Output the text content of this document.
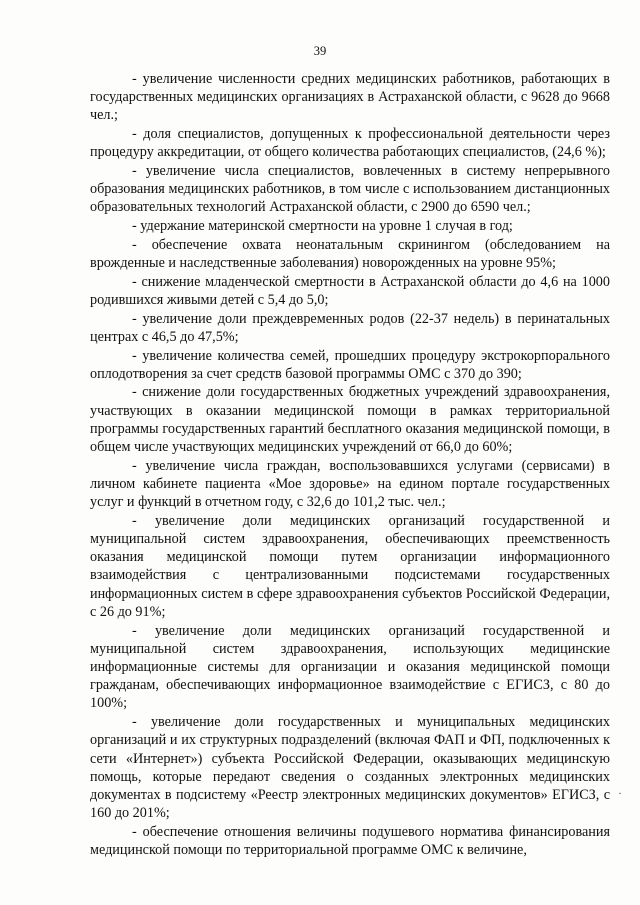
39

- увеличение численности средних медицинских работников, работающих в государственных медицинских организациях в Астраханской области, с 9628 до 9668 чел.;

- доля специалистов, допущенных к профессиональной деятельности через процедуру аккредитации, от общего количества работающих специалистов, (24,6 %);

- увеличение числа специалистов, вовлеченных в систему непрерывного образования медицинских работников, в том числе с использованием дистанционных образовательных технологий Астраханской области, с 2900 до 6590 чел.;

- удержание материнской смертности на уровне 1 случая в год;

- обеспечение охвата неонатальным скринингом (обследованием на врожденные и наследственные заболевания) новорожденных на уровне 95%;

- снижение младенческой смертности в Астраханской области до 4,6 на 1000 родившихся живыми детей с 5,4 до 5,0;

- увеличение доли преждевременных родов (22-37 недель) в перинатальных центрах с 46,5 до 47,5%;

- увеличение количества семей, прошедших процедуру экстрокорпорального оплодотворения за счет средств базовой программы ОМС с 370 до 390;

- снижение доли государственных бюджетных учреждений здравоохранения, участвующих в оказании медицинской помощи в рамках территориальной программы государственных гарантий бесплатного оказания медицинской помощи, в общем числе участвующих медицинских учреждений от 66,0 до 60%;

- увеличение числа граждан, воспользовавшихся услугами (сервисами) в личном кабинете пациента «Мое здоровье» на едином портале государственных услуг и функций в отчетном году, с 32,6 до 101,2 тыс. чел.;

- увеличение доли медицинских организаций государственной и муниципальной систем здравоохранения, обеспечивающих преемственность оказания медицинской помощи путем организации информационного взаимодействия с централизованными подсистемами государственных информационных систем в сфере здравоохранения субъектов Российской Федерации, с 26 до 91%;

- увеличение доли медицинских организаций государственной и муниципальной систем здравоохранения, использующих медицинские информационные системы для организации и оказания медицинской помощи гражданам, обеспечивающих информационное взаимодействие с ЕГИСЗ, с 80 до 100%;

- увеличение доли государственных и муниципальных медицинских организаций и их структурных подразделений (включая ФАП и ФП, подключенных к сети «Интернет») субъекта Российской Федерации, оказывающих медицинскую помощь, которые передают сведения о созданных электронных медицинских документах в подсистему «Реестр электронных медицинских документов» ЕГИСЗ, с 160 до 201%;

- обеспечение отношения величины подушевого норматива финансирования медицинской помощи по территориальной программе ОМС к величине,

·
